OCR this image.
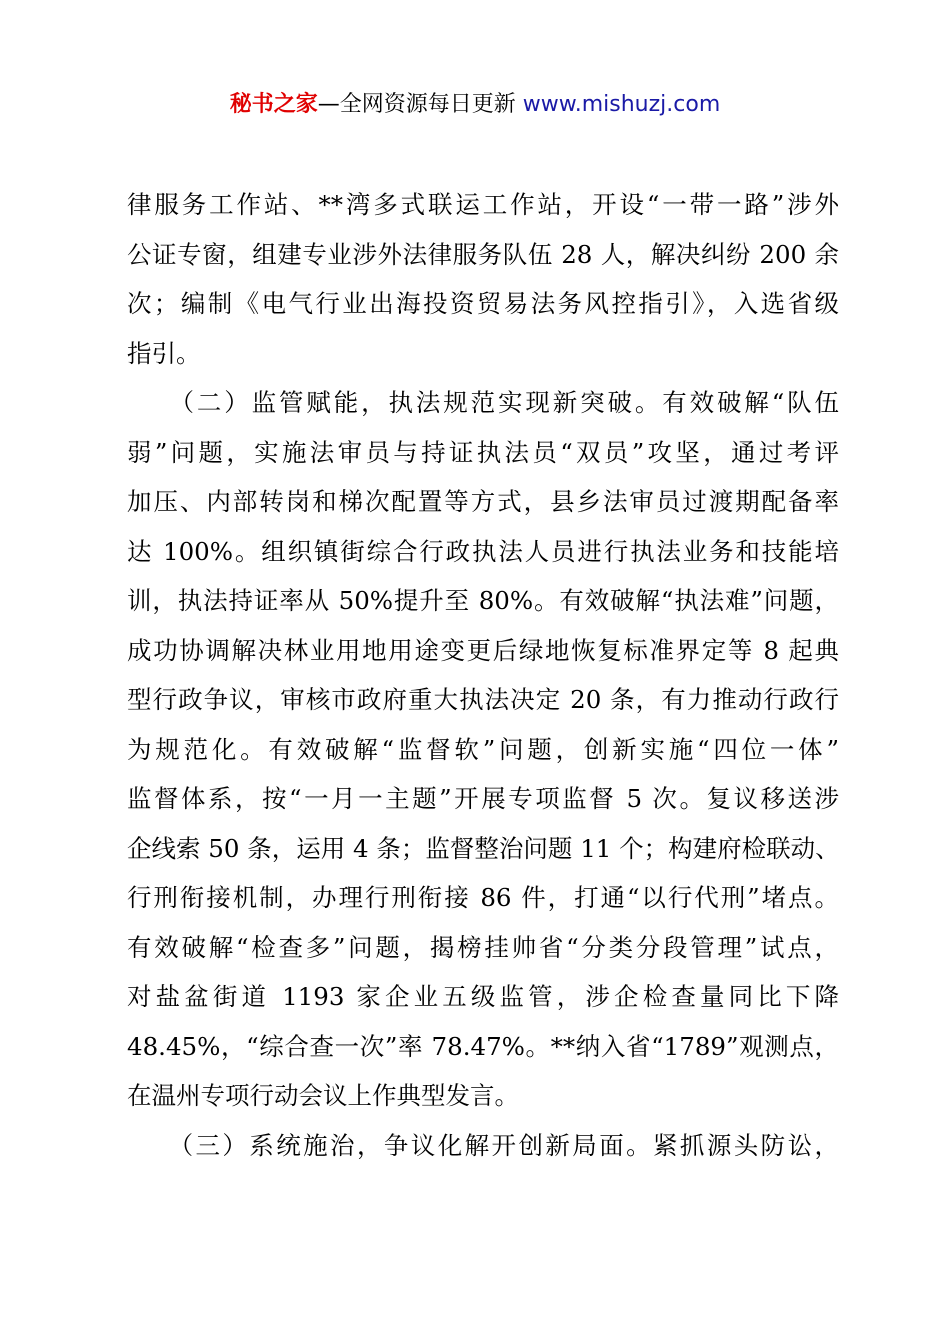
秘书之家—全网资源每日更新 www.mishuzj.com
律服务工作站、**湾多式联运工作站，开设“一带一路”涉外
公证专窗，组建专业涉外法律服务队伍 28 人，解决纠纷 200 余
次；编制《电气行业出海投资贸易法务风控指引》，入选省级
指引。
　　（二）监管赋能，执法规范实现新突破。有效破解“队伍
弱”问题，实施法审员与持证执法员“双员”攻坚，通过考评
加压、内部转岗和梯次配置等方式，县乡法审员过渡期配备率
达 100%。组织镇街综合行政执法人员进行执法业务和技能培
训，执法持证率从 50%提升至 80%。有效破解“执法难”问题，
成功协调解决林业用地用途变更后绿地恢复标准界定等 8 起典
型行政争议，审核市政府重大执法决定 20 条，有力推动行政行
为规范化。有效破解“监督软”问题，创新实施“四位一体”
监督体系，按“一月一主题”开展专项监督 5 次。复议移送涉
企线索 50 条，运用 4 条；监督整治问题 11 个；构建府检联动、
行刑衔接机制，办理行刑衔接 86 件，打通“以行代刑”堵点。
有效破解“检查多”问题，揭榜挂帅省“分类分段管理”试点，
对盐盆街道 1193 家企业五级监管，涉企检查量同比下降
48.45%，“综合查一次”率 78.47%。**纳入省“1789”观测点，
在温州专项行动会议上作典型发言。
　　（三）系统施治，争议化解开创新局面。紧抓源头防讼，
